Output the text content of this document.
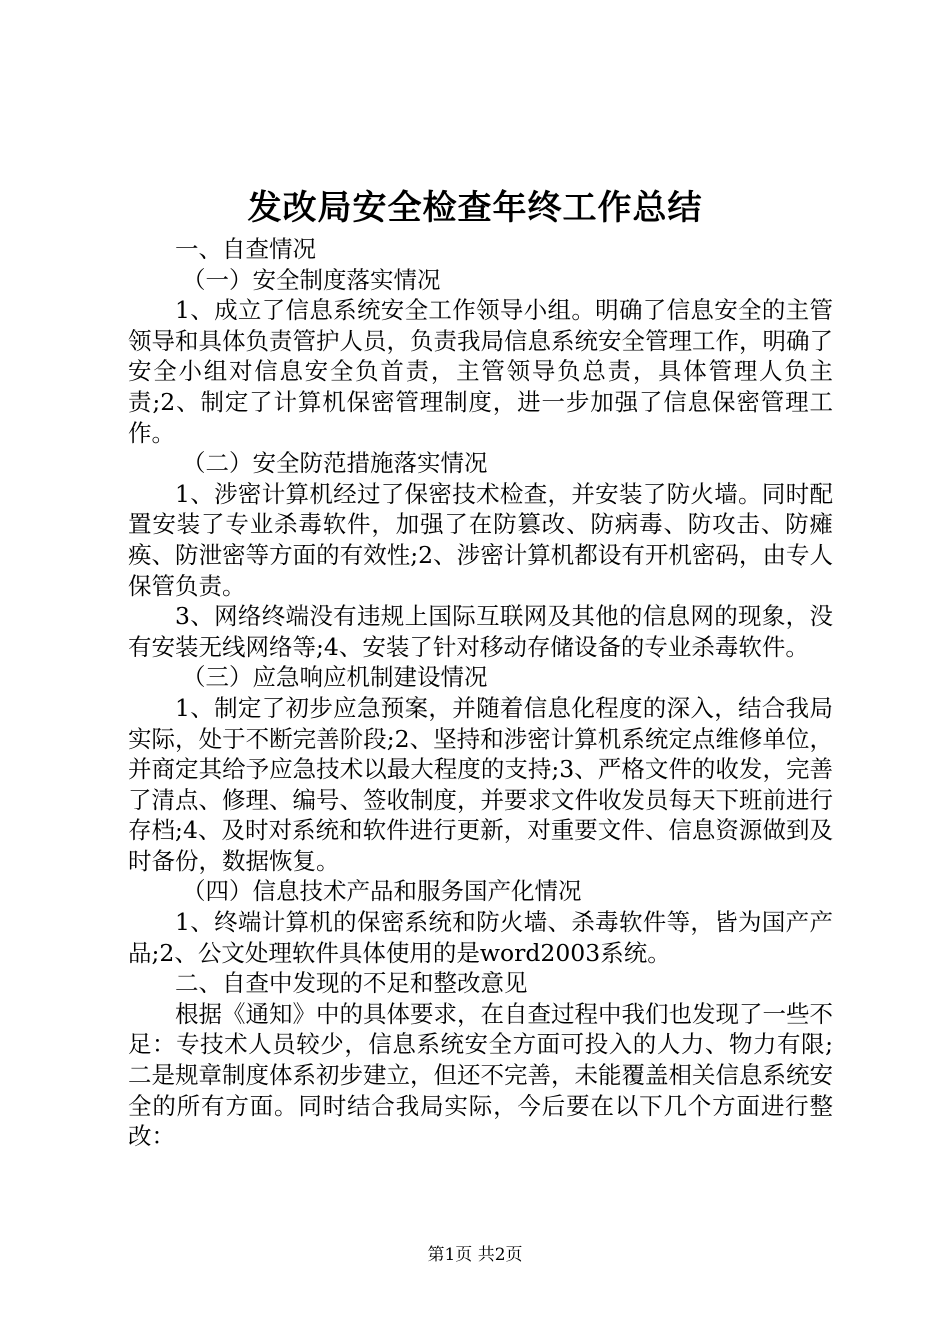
发改局安全检查年终工作总结

一、自查情况

（一）安全制度落实情况

1、成立了信息系统安全工作领导小组。明确了信息安全的主管领导和具体负责管护人员，负责我局信息系统安全管理工作，明确了安全小组对信息安全负首责，主管领导负总责，具体管理人负主责;2、制定了计算机保密管理制度，进一步加强了信息保密管理工作。

（二）安全防范措施落实情况

1、涉密计算机经过了保密技术检查，并安装了防火墙。同时配置安装了专业杀毒软件，加强了在防篡改、防病毒、防攻击、防瘫痪、防泄密等方面的有效性;2、涉密计算机都设有开机密码，由专人保管负责。

3、网络终端没有违规上国际互联网及其他的信息网的现象，没有安装无线网络等;4、安装了针对移动存储设备的专业杀毒软件。

（三）应急响应机制建设情况

1、制定了初步应急预案，并随着信息化程度的深入，结合我局实际，处于不断完善阶段;2、坚持和涉密计算机系统定点维修单位，并商定其给予应急技术以最大程度的支持;3、严格文件的收发，完善了清点、修理、编号、签收制度，并要求文件收发员每天下班前进行存档;4、及时对系统和软件进行更新，对重要文件、信息资源做到及时备份，数据恢复。

（四）信息技术产品和服务国产化情况

1、终端计算机的保密系统和防火墙、杀毒软件等，皆为国产产品;2、公文处理软件具体使用的是word2003系统。

二、自查中发现的不足和整改意见

根据《通知》中的具体要求，在自查过程中我们也发现了一些不足：专技术人员较少，信息系统安全方面可投入的人力、物力有限;二是规章制度体系初步建立，但还不完善，未能覆盖相关信息系统安全的所有方面。同时结合我局实际，今后要在以下几个方面进行整改：

第1页 共2页
